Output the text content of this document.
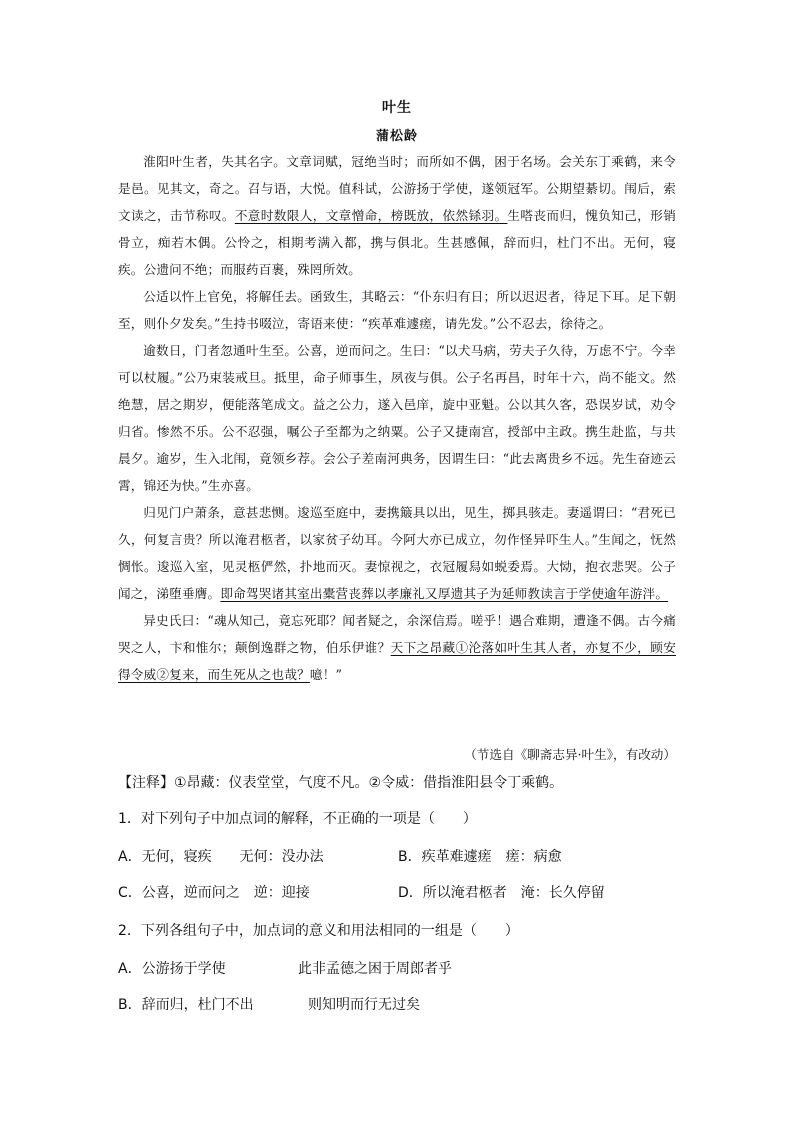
叶生
蒲松龄

淮阳叶生者，失其名字。文章词赋，冠绝当时；而所如不偶，困于名场。会关东丁乘鹤，来令是邑。见其文，奇之。召与语，大悦。值科试，公游扬于学使，遂领冠军。公期望綦切。闱后，索文读之，击节称叹。不意时数限人，文章憎命，榜既放，依然铩羽。生嗒丧而归，愧负知己，形销骨立，痴若木偶。公怜之，相期考满入都，携与俱北。生甚感佩，辞而归，杜门不出。无何，寝疾。公遗问不绝；而服药百裹，殊罔所效。

公适以忤上官免，将解任去。函致生，其略云：“仆东归有日；所以迟迟者，待足下耳。足下朝至，则仆夕发矣。”生持书啜泣，寄语来使：“疾革难遽瘥，请先发。”公不忍去，徐待之。

逾数日，门者忽通叶生至。公喜，逆而问之。生曰：“以犬马病，劳夫子久待，万虑不宁。今幸可以杖履。”公乃束装戒旦。抵里，命子师事生，夙夜与俱。公子名再昌，时年十六，尚不能文。然绝慧，居之期岁，便能落笔成文。益之公力，遂入邑庠，旋中亚魁。公以其久客，恐误岁试，劝令归省。惨然不乐。公不忍强，嘱公子至都为之纳粟。公子又捷南宫，授部中主政。携生赴监，与共晨夕。逾岁，生入北闱，竟领乡荐。会公子差南河典务，因谓生曰：“此去离贵乡不远。先生奋迹云霄，锦还为快。”生亦喜。

归见门户萧条，意甚悲恻。逡巡至庭中，妻携簸具以出，见生，掷具骇走。妻遥谓曰：“君死已久，何复言贵？所以淹君柩者，以家贫子幼耳。今阿大亦已成立，勿作怪异吓生人。”生闻之，怃然惆怅。逡巡入室，见灵柩俨然，扑地而灭。妻惊视之，衣冠履舄如蜕委焉。大恸，抱衣悲哭。公子闻之，涕堕垂膺。即命驾哭诸其室出橐营丧葬以孝廉礼又厚遗其子为延师教读言于学使逾年游泮。

异史氏曰：“魂从知己，竟忘死耶？闻者疑之，余深信焉。嗟乎！遇合难期，遭逢不偶。古今痛哭之人，卞和惟尔；颠倒逸群之物，伯乐伊谁？天下之昂藏①沦落如叶生其人者，亦复不少，顾安得令威②复来，而生死从之也哉？噫！”

（节选自《聊斋志异·叶生》，有改动）
【注释】①昂藏：仪表堂堂，气度不凡。②令威：借指淮阳县令丁乘鹤。
1．对下列句子中加点词的解释，不正确的一项是（　　）
A．无何，寝疾　　无何：没办法	B．疾革难遽瘥　瘥：病愈
C．公喜，逆而问之　逆：迎接	D．所以淹君柩者　淹：长久停留
2．下列各组句子中，加点词的意义和用法相同的一组是（　　）
A．公游扬于学使	此非孟德之困于周郎者乎
B．辞而归，杜门不出	则知明而行无过矣
